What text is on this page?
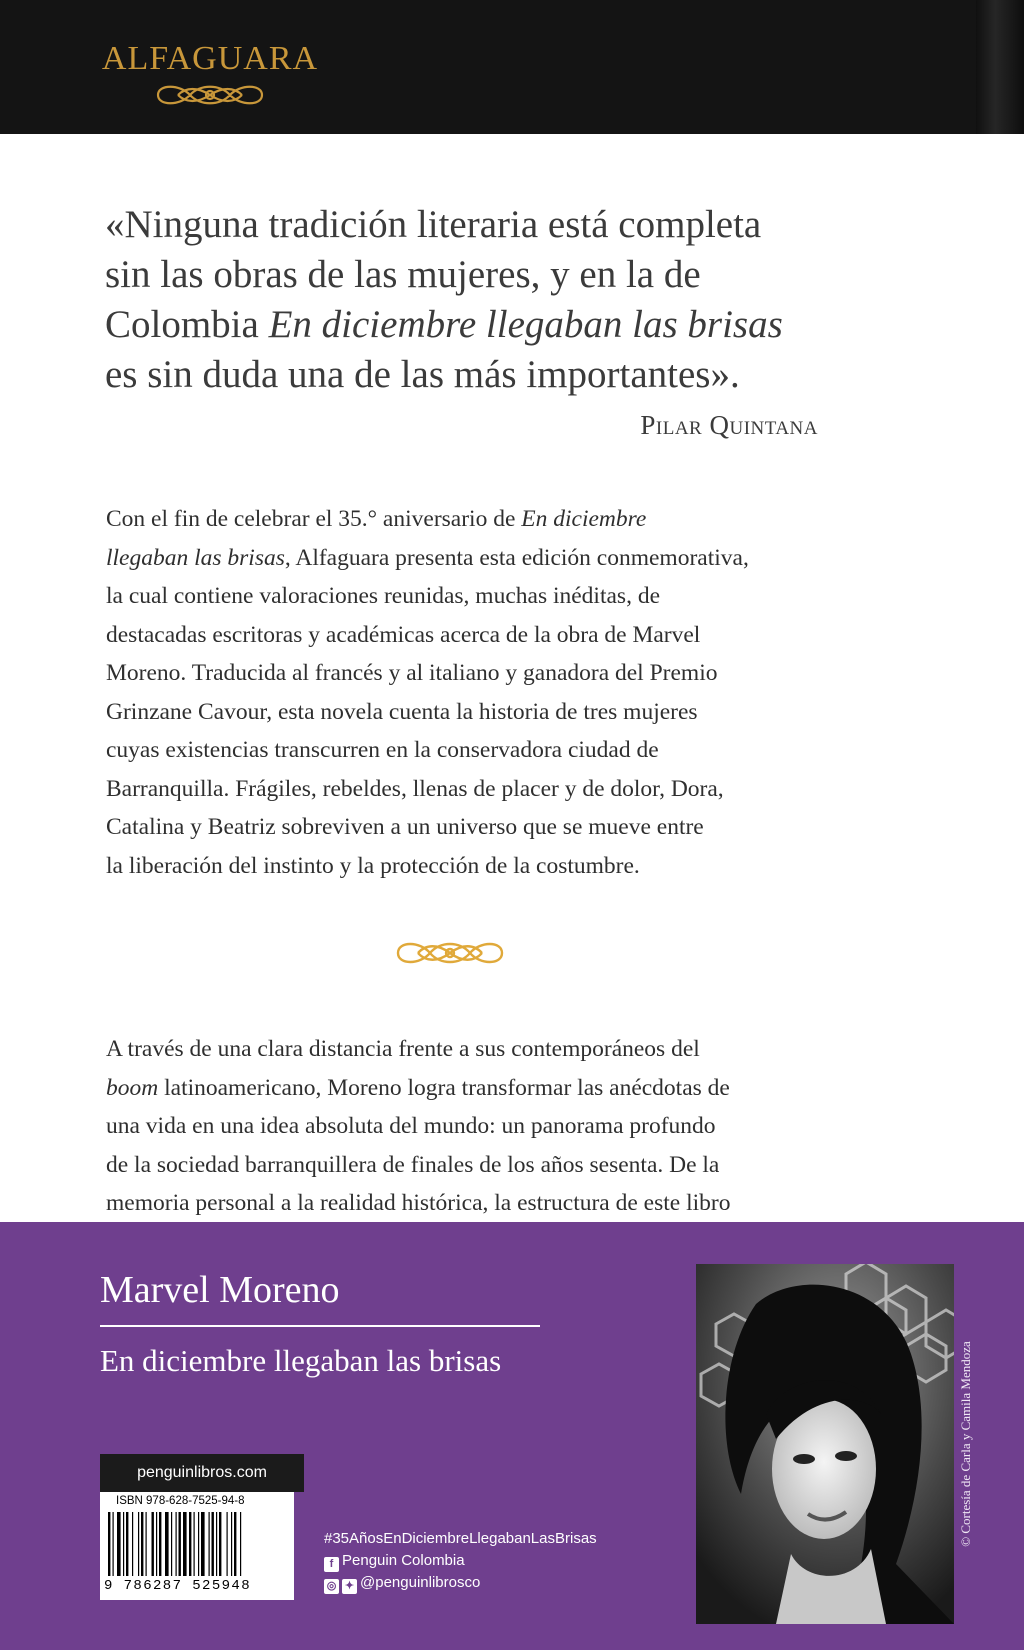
ALFAGUARA
«Ninguna tradición literaria está completa
sin las obras de las mujeres, y en la de
Colombia En diciembre llegaban las brisas
es sin duda una de las más importantes».
Pilar Quintana
Con el fin de celebrar el 35.° aniversario de En diciembre
llegaban las brisas, Alfaguara presenta esta edición conmemorativa,
la cual contiene valoraciones reunidas, muchas inéditas, de
destacadas escritoras y académicas acerca de la obra de Marvel
Moreno. Traducida al francés y al italiano y ganadora del Premio
Grinzane Cavour, esta novela cuenta la historia de tres mujeres
cuyas existencias transcurren en la conservadora ciudad de
Barranquilla. Frágiles, rebeldes, llenas de placer y de dolor, Dora,
Catalina y Beatriz sobreviven a un universo que se mueve entre
la liberación del instinto y la protección de la costumbre.
A través de una clara distancia frente a sus contemporáneos del
boom latinoamericano, Moreno logra transformar las anécdotas de
una vida en una idea absoluta del mundo: un panorama profundo
de la sociedad barranquillera de finales de los años sesenta. De la
memoria personal a la realidad histórica, la estructura de este libro
Marvel Moreno
En diciembre llegaban las brisas	© Cortesía de Carla y Camila Mendoza
penguinlibros.com
ISBN 978-628-7525-94-8
9 786287 525948
#35AñosEnDiciembreLlegabanLasBrisas
f Penguin Colombia
◎ ✦ @penguinlibrosco
